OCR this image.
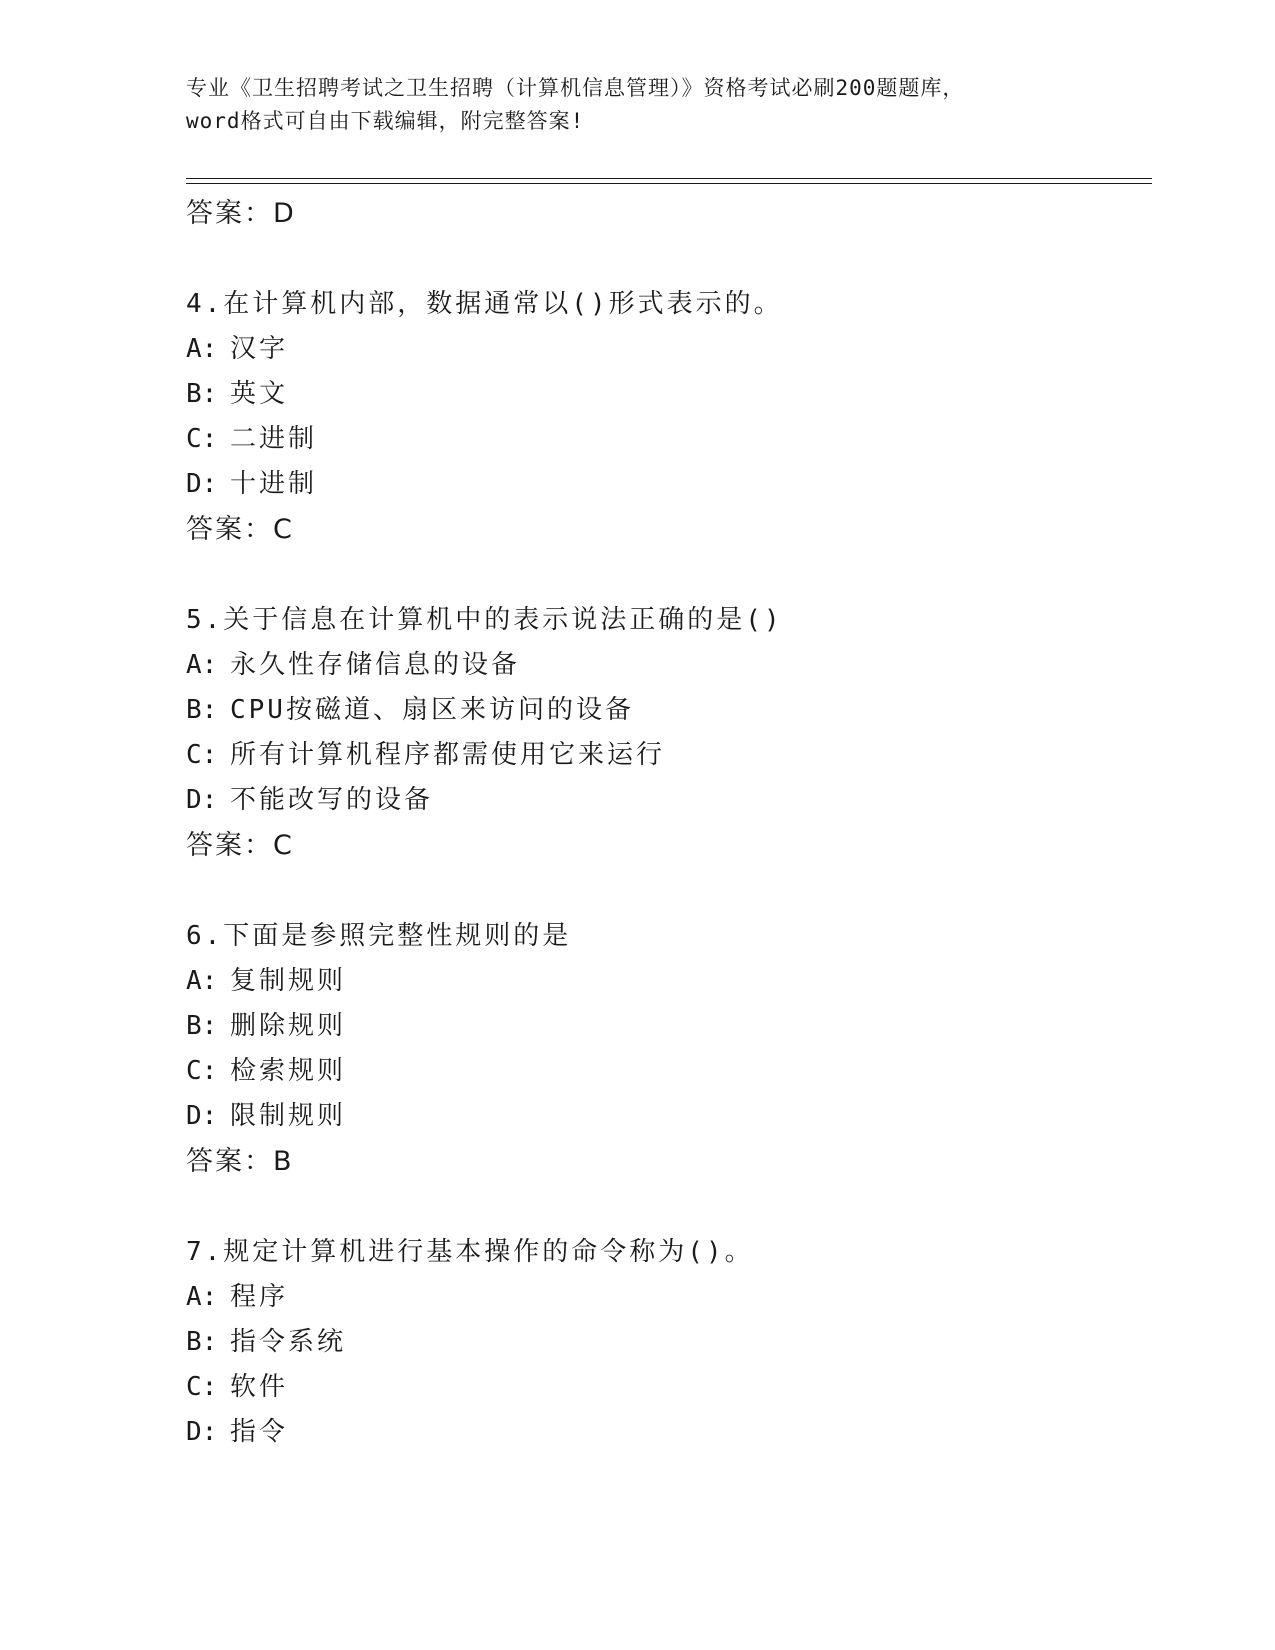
专业《卫生招聘考试之卫生招聘（计算机信息管理）》资格考试必刷200题题库，
word格式可自由下载编辑，附完整答案!
答案：D
4.在计算机内部，数据通常以()形式表示的。
A: 汉字
B: 英文
C: 二进制
D: 十进制
答案：C
5.关于信息在计算机中的表示说法正确的是()
A: 永久性存储信息的设备
B: CPU按磁道、扇区来访问的设备
C: 所有计算机程序都需使用它来运行
D: 不能改写的设备
答案：C
6.下面是参照完整性规则的是
A: 复制规则
B: 删除规则
C: 检索规则
D: 限制规则
答案：B
7.规定计算机进行基本操作的命令称为()。
A: 程序
B: 指令系统
C: 软件
D: 指令
